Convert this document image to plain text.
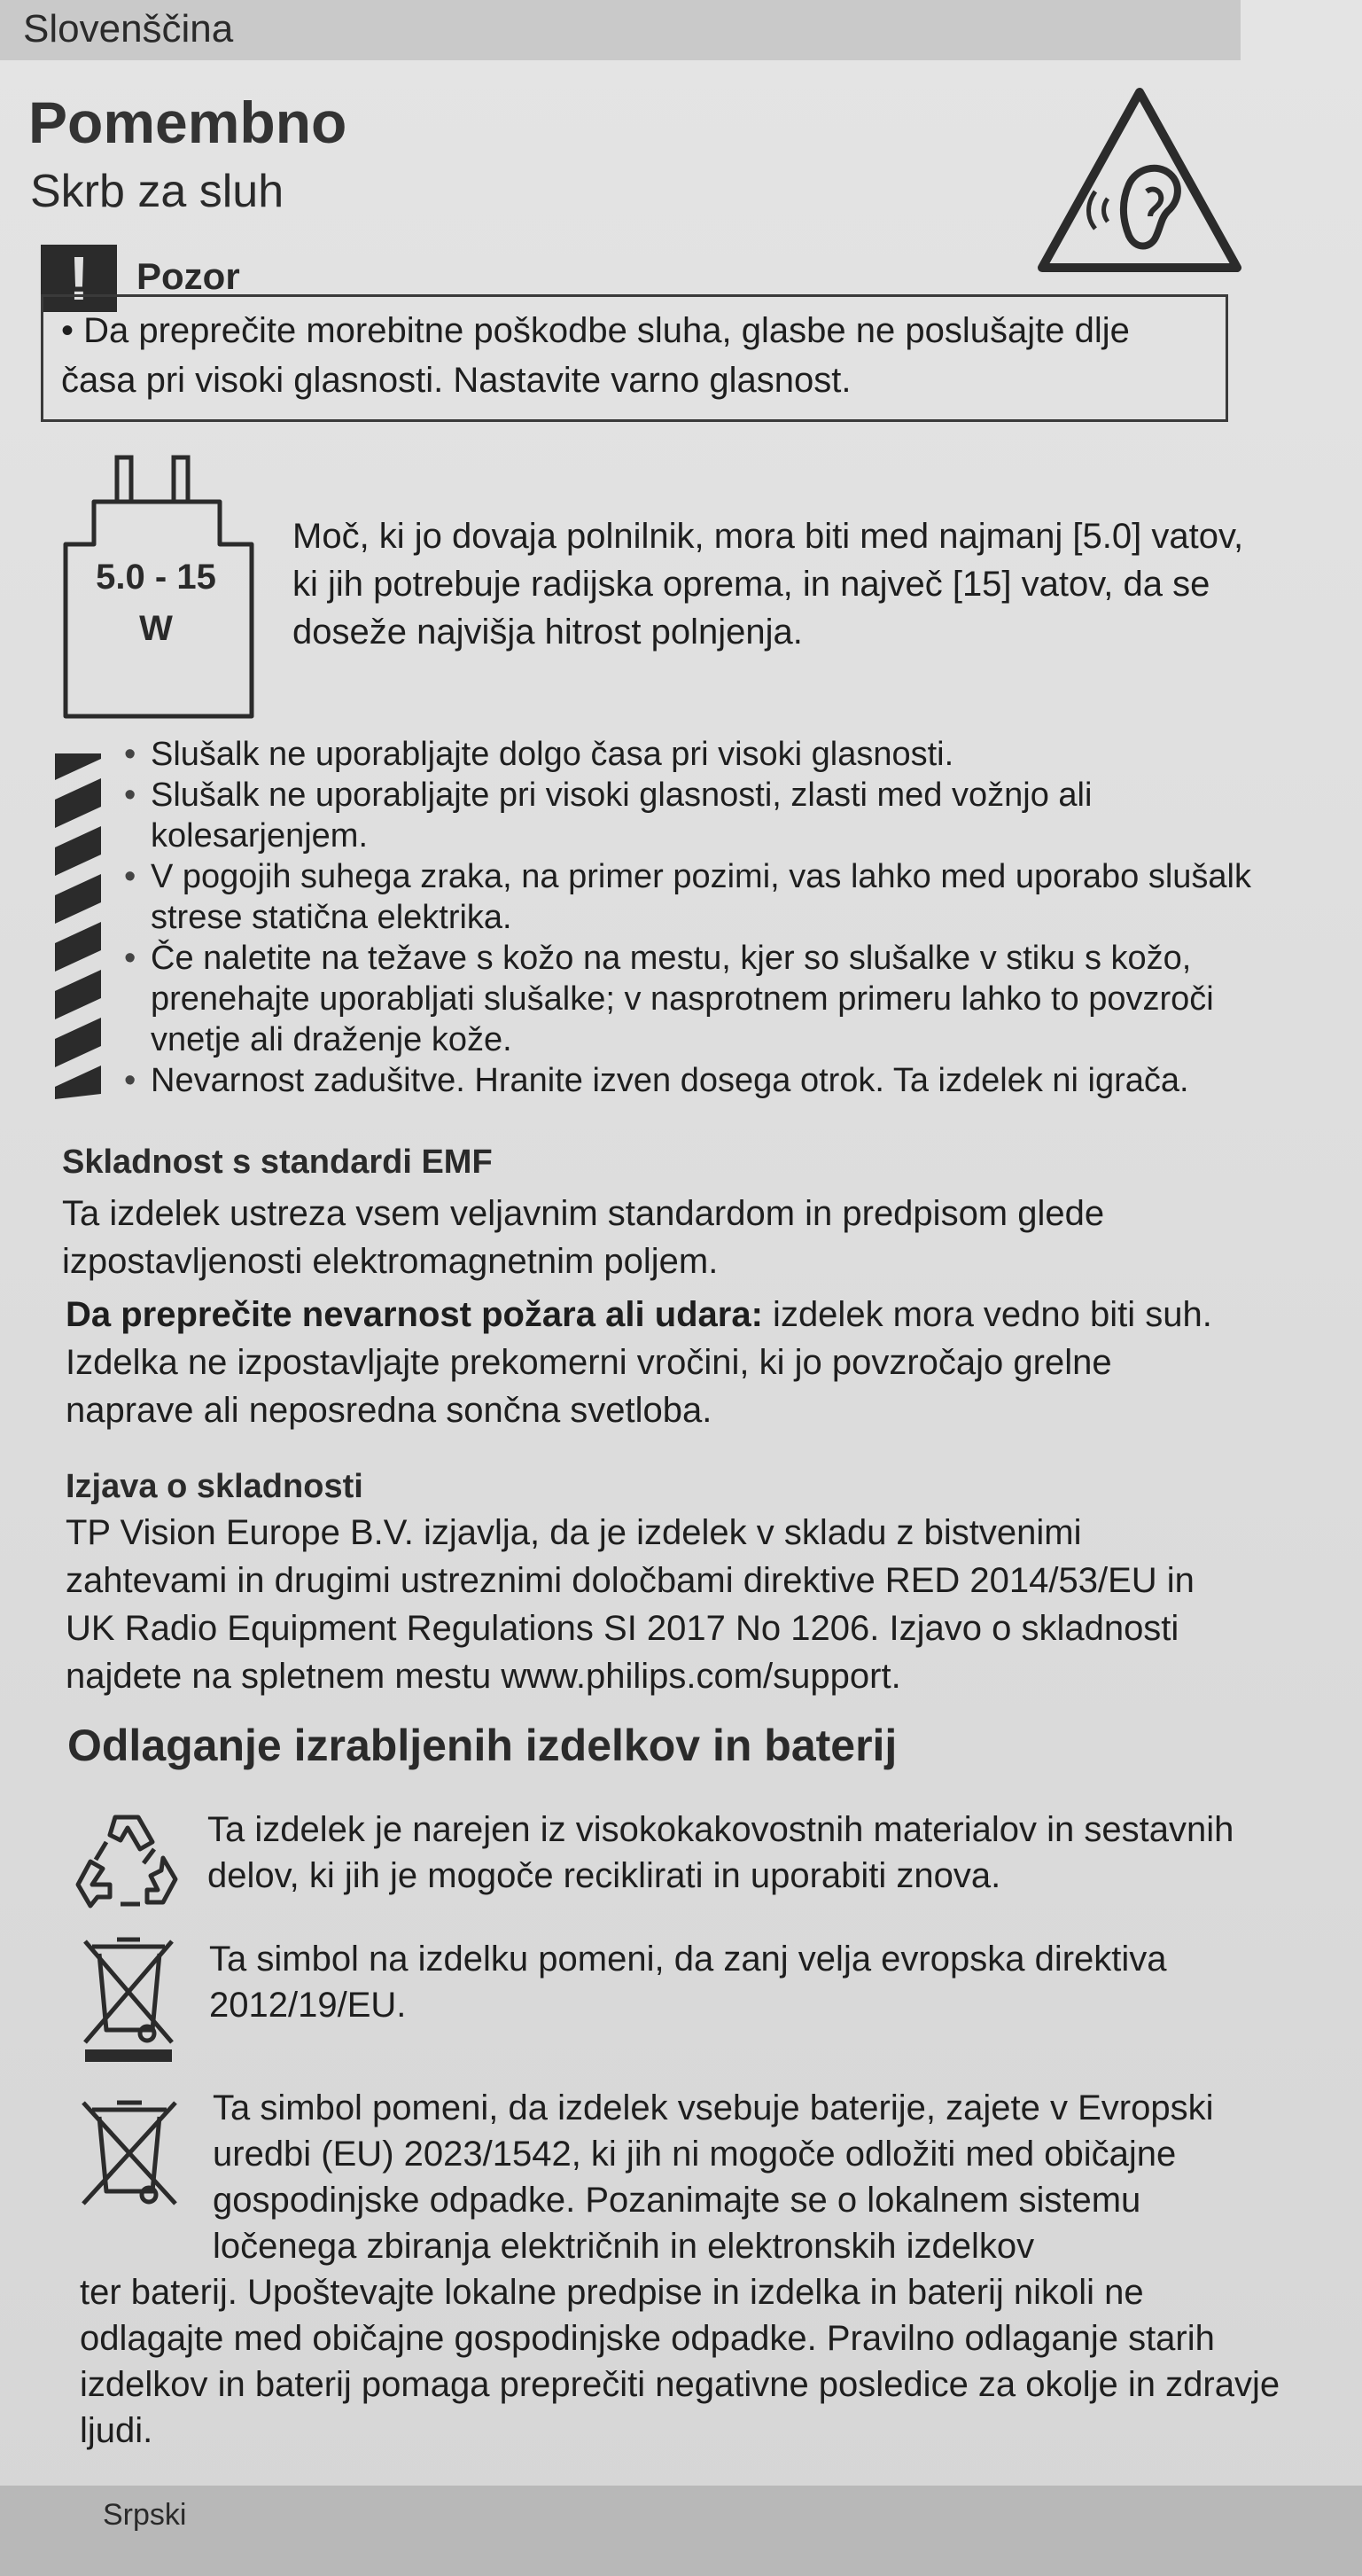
Slovenščina
Pomembno
Skrb za sluh
!	Pozor
• Da preprečite morebitne poškodbe sluha, glasbe ne poslušajte dlje časa pri visoki glasnosti. Nastavite varno glasnost.
5.0 - 15
W
Moč, ki jo dovaja polnilnik, mora biti med najmanj [5.0] vatov, ki jih potrebuje radijska oprema, in največ [15] vatov, da se doseže najvišja hitrost polnjenja.
• Slušalk ne uporabljajte dolgo časa pri visoki glasnosti.
• Slušalk ne uporabljajte pri visoki glasnosti, zlasti med vožnjo ali kolesarjenjem.
• V pogojih suhega zraka, na primer pozimi, vas lahko med uporabo slušalk strese statična elektrika.
• Če naletite na težave s kožo na mestu, kjer so slušalke v stiku s kožo, prenehajte uporabljati slušalke; v nasprotnem primeru lahko to povzroči vnetje ali draženje kože.
• Nevarnost zadušitve. Hranite izven dosega otrok. Ta izdelek ni igrača.
Skladnost s standardi EMF
Ta izdelek ustreza vsem veljavnim standardom in predpisom glede izpostavljenosti elektromagnetnim poljem.
Da preprečite nevarnost požara ali udara: izdelek mora vedno biti suh. Izdelka ne izpostavljajte prekomerni vročini, ki jo povzročajo grelne naprave ali neposredna sončna svetloba.
Izjava o skladnosti
TP Vision Europe B.V. izjavlja, da je izdelek v skladu z bistvenimi zahtevami in drugimi ustreznimi določbami direktive RED 2014/53/EU in UK Radio Equipment Regulations SI 2017 No 1206. Izjavo o skladnosti najdete na spletnem mestu www.philips.com/support.
Odlaganje izrabljenih izdelkov in baterij
Ta izdelek je narejen iz visokokakovostnih materialov in sestavnih delov, ki jih je mogoče reciklirati in uporabiti znova.
Ta simbol na izdelku pomeni, da zanj velja evropska direktiva 2012/19/EU.
Ta simbol pomeni, da izdelek vsebuje baterije, zajete v Evropski uredbi (EU) 2023/1542, ki jih ni mogoče odložiti med običajne gospodinjske odpadke. Pozanimajte se o lokalnem sistemu ločenega zbiranja električnih in elektronskih izdelkov
ter baterij. Upoštevajte lokalne predpise in izdelka in baterij nikoli ne odlagajte med običajne gospodinjske odpadke. Pravilno odlaganje starih izdelkov in baterij pomaga preprečiti negativne posledice za okolje in zdravje ljudi.
Srpski
